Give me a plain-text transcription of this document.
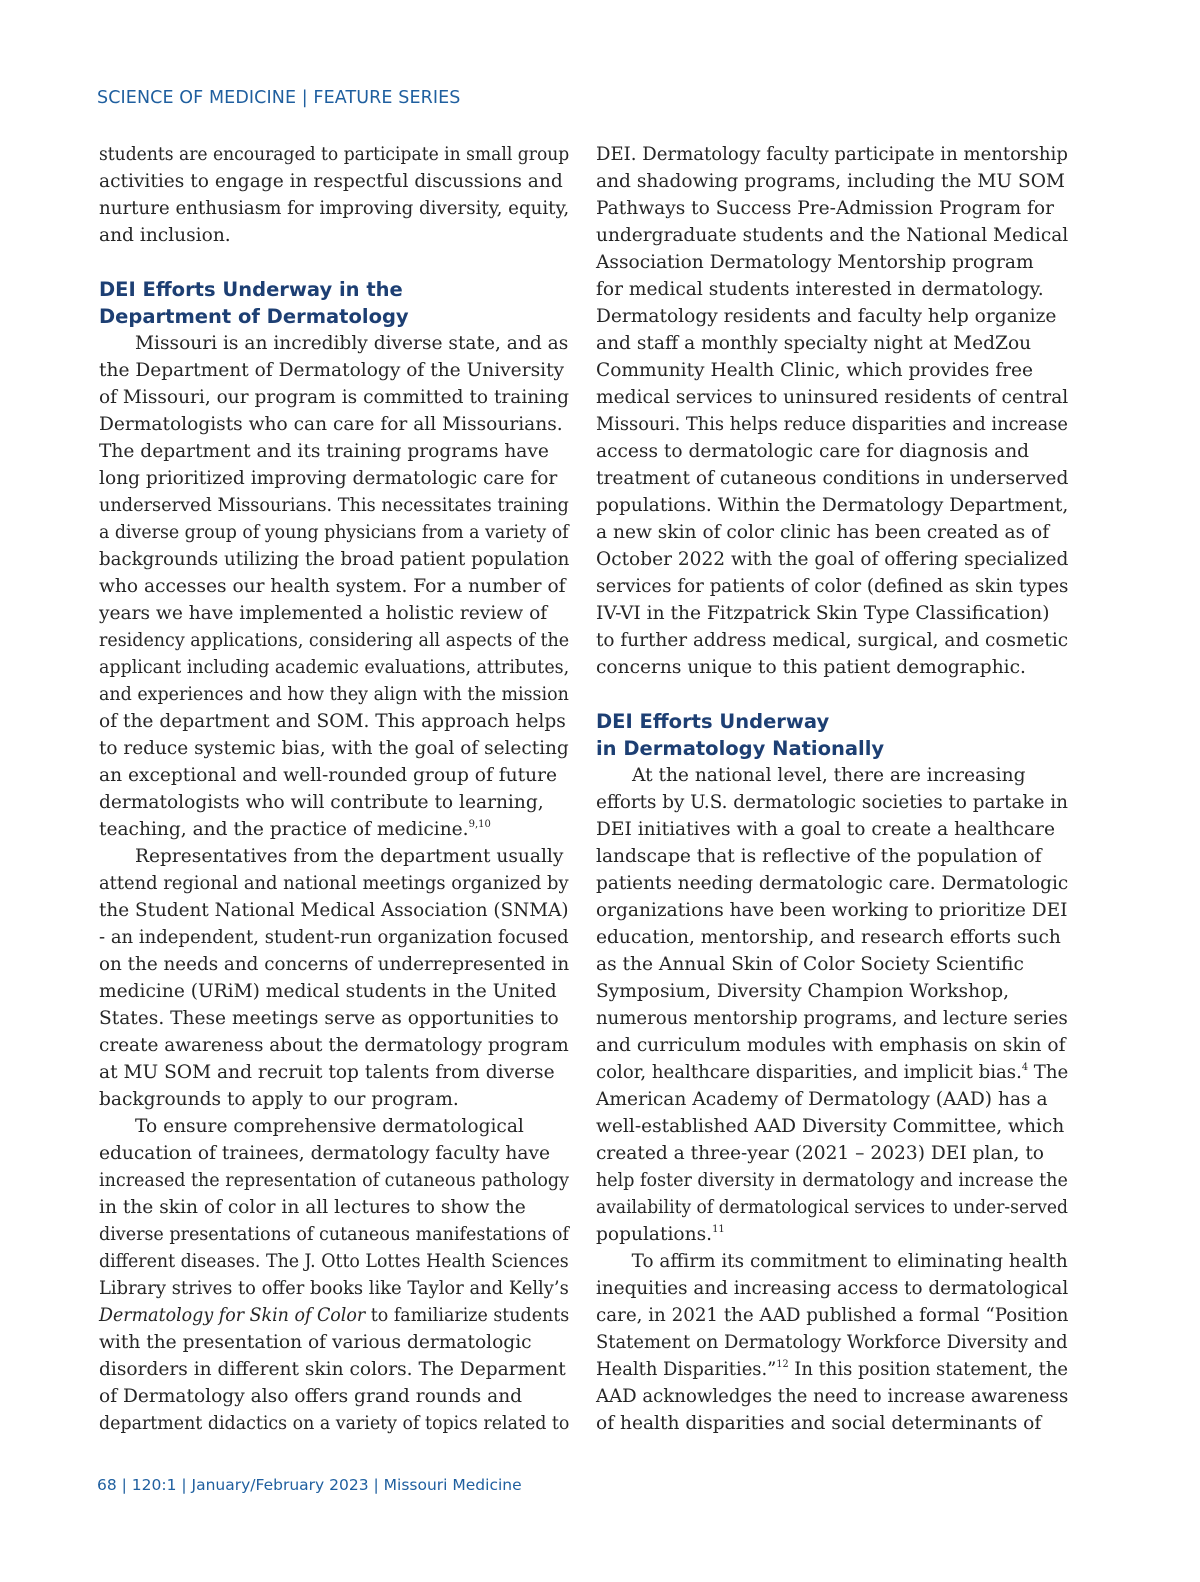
SCIENCE OF MEDICINE | FEATURE SERIES
students are encouraged to participate in small group
activities to engage in respectful discussions and
nurture enthusiasm for improving diversity, equity,
and inclusion.
DEI Efforts Underway in the
Department of Dermatology
Missouri is an incredibly diverse state, and as
the Department of Dermatology of the University
of Missouri, our program is committed to training
Dermatologists who can care for all Missourians.
The department and its training programs have
long prioritized improving dermatologic care for
underserved Missourians. This necessitates training
a diverse group of young physicians from a variety of
backgrounds utilizing the broad patient population
who accesses our health system. For a number of
years we have implemented a holistic review of
residency applications, considering all aspects of the
applicant including academic evaluations, attributes,
and experiences and how they align with the mission
of the department and SOM. This approach helps
to reduce systemic bias, with the goal of selecting
an exceptional and well-rounded group of future
dermatologists who will contribute to learning,
teaching, and the practice of medicine.$^{9,10}$
Representatives from the department usually
attend regional and national meetings organized by
the Student National Medical Association (SNMA)
- an independent, student-run organization focused
on the needs and concerns of underrepresented in
medicine (URiM) medical students in the United
States. These meetings serve as opportunities to
create awareness about the dermatology program
at MU SOM and recruit top talents from diverse
backgrounds to apply to our program.
To ensure comprehensive dermatological
education of trainees, dermatology faculty have
increased the representation of cutaneous pathology
in the skin of color in all lectures to show the
diverse presentations of cutaneous manifestations of
different diseases. The J. Otto Lottes Health Sciences
Library strives to offer books like Taylor and Kelly’s
Dermatology for Skin of Color to familiarize students
with the presentation of various dermatologic
disorders in different skin colors. The Deparment
of Dermatology also offers grand rounds and
department didactics on a variety of topics related to
DEI. Dermatology faculty participate in mentorship
and shadowing programs, including the MU SOM
Pathways to Success Pre-Admission Program for
undergraduate students and the National Medical
Association Dermatology Mentorship program
for medical students interested in dermatology.
Dermatology residents and faculty help organize
and staff a monthly specialty night at MedZou
Community Health Clinic, which provides free
medical services to uninsured residents of central
Missouri. This helps reduce disparities and increase
access to dermatologic care for diagnosis and
treatment of cutaneous conditions in underserved
populations. Within the Dermatology Department,
a new skin of color clinic has been created as of
October 2022 with the goal of offering specialized
services for patients of color (defined as skin types
IV-VI in the Fitzpatrick Skin Type Classification)
to further address medical, surgical, and cosmetic
concerns unique to this patient demographic.
DEI Efforts Underway
in Dermatology Nationally
At the national level, there are increasing
efforts by U.S. dermatologic societies to partake in
DEI initiatives with a goal to create a healthcare
landscape that is reflective of the population of
patients needing dermatologic care. Dermatologic
organizations have been working to prioritize DEI
education, mentorship, and research efforts such
as the Annual Skin of Color Society Scientific
Symposium, Diversity Champion Workshop,
numerous mentorship programs, and lecture series
and curriculum modules with emphasis on skin of
color, healthcare disparities, and implicit bias.$^4$ The
American Academy of Dermatology (AAD) has a
well-established AAD Diversity Committee, which
created a three-year (2021 – 2023) DEI plan, to
help foster diversity in dermatology and increase the
availability of dermatological services to under-served
populations.$^{11}$
To affirm its commitment to eliminating health
inequities and increasing access to dermatological
care, in 2021 the AAD published a formal “Position
Statement on Dermatology Workforce Diversity and
Health Disparities.”$^{12}$ In this position statement, the
AAD acknowledges the need to increase awareness
of health disparities and social determinants of
68 | 120:1 | January/February 2023 | Missouri Medicine
